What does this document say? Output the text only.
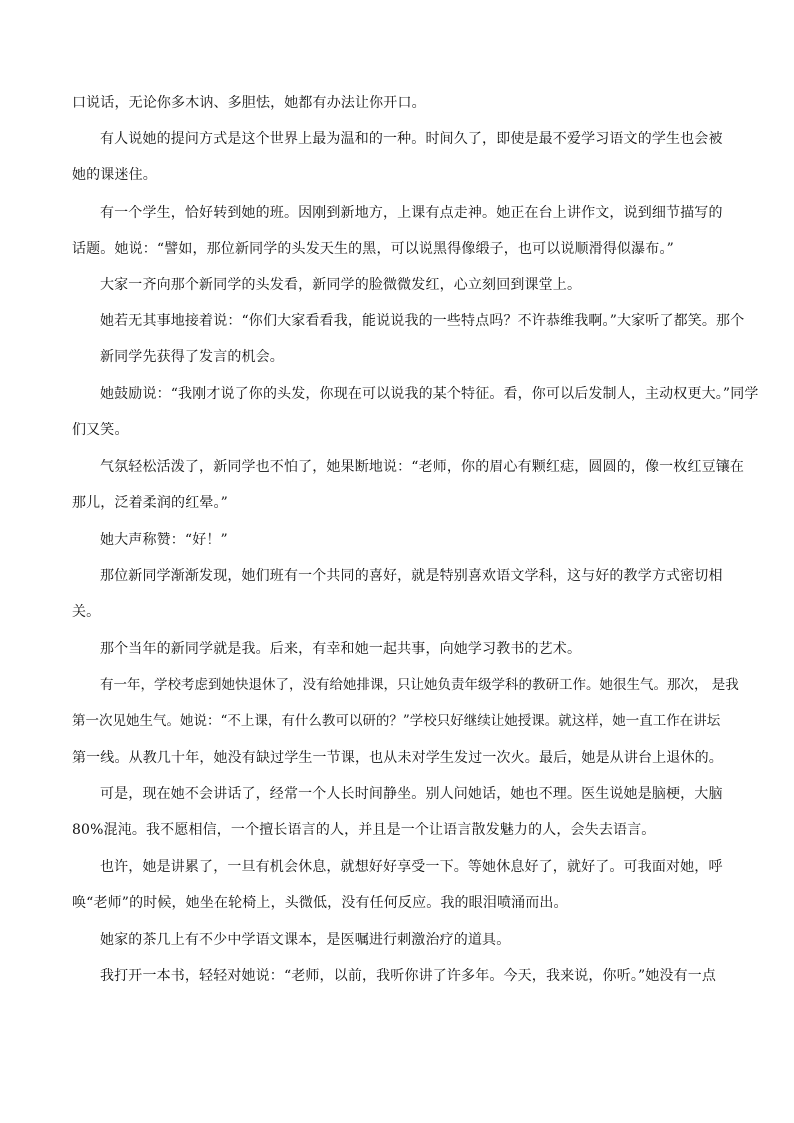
口说话，无论你多木讷、多胆怯，她都有办法让你开口。
有人说她的提问方式是这个世界上最为温和的一种。时间久了，即使是最不爱学习语文的学生也会被
她的课迷住。
有一个学生，恰好转到她的班。因刚到新地方，上课有点走神。她正在台上讲作文，说到细节描写的
话题。她说：“譬如，那位新同学的头发天生的黑，可以说黑得像缎子，也可以说顺滑得似瀑布。”
大家一齐向那个新同学的头发看，新同学的脸微微发红，心立刻回到课堂上。
她若无其事地接着说：“你们大家看看我，能说说我的一些特点吗？不许恭维我啊。”大家听了都笑。那个
新同学先获得了发言的机会。
她鼓励说：“我刚才说了你的头发，你现在可以说我的某个特征。看，你可以后发制人，主动权更大。”同学
们又笑。
气氛轻松活泼了，新同学也不怕了，她果断地说：“老师，你的眉心有颗红痣，圆圆的，像一枚红豆镶在
那儿，泛着柔润的红晕。”
她大声称赞：“好！”
那位新同学渐渐发现，她们班有一个共同的喜好，就是特别喜欢语文学科，这与好的教学方式密切相
关。
那个当年的新同学就是我。后来，有幸和她一起共事，向她学习教书的艺术。
有一年，学校考虑到她快退休了，没有给她排课，只让她负责年级学科的教研工作。她很生气。那次， 是我
第一次见她生气。她说：“不上课，有什么教可以研的？”学校只好继续让她授课。就这样，她一直工作在讲坛
第一线。从教几十年，她没有缺过学生一节课，也从未对学生发过一次火。最后，她是从讲台上退休的。
可是，现在她不会讲话了，经常一个人长时间静坐。别人问她话，她也不理。医生说她是脑梗，大脑
80%混沌。我不愿相信，一个擅长语言的人，并且是一个让语言散发魅力的人，会失去语言。
也许，她是讲累了，一旦有机会休息，就想好好享受一下。等她休息好了，就好了。可我面对她，呼
唤“老师”的时候，她坐在轮椅上，头微低，没有任何反应。我的眼泪喷涌而出。
她家的茶几上有不少中学语文课本，是医嘱进行刺激治疗的道具。
我打开一本书，轻轻对她说：“老师，以前，我听你讲了许多年。今天，我来说，你听。”她没有一点
